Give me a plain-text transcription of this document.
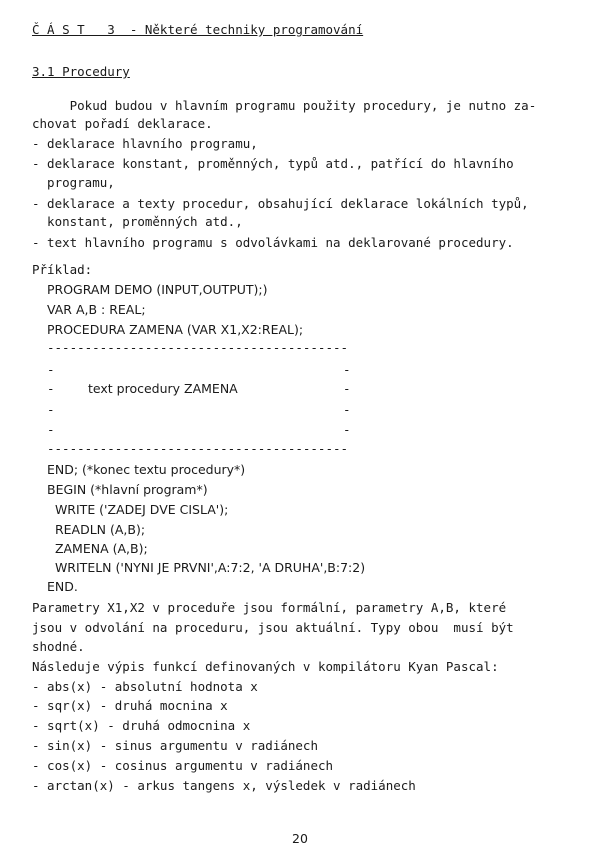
Č Á S T   3  - Některé techniky programování
3.1 Procedury
Pokud budou v hlavním programu použity procedury, je nutno za-
chovat pořadí deklarace.
- deklarace hlavního programu,
- deklarace konstant, proměnných, typů atd., patřící do hlavního
programu,
- deklarace a texty procedur, obsahující deklarace lokálních typů,
konstant, proměnných atd.,
- text hlavního programu s odvolávkami na deklarované procedury.
Příklad:
PROGRAM DEMO (INPUT,OUTPUT);)
VAR A,B : REAL;
PROCEDURA ZAMENA (VAR X1,X2:REAL);
----------------------------------------
-	-
-	text procedury ZAMENA	-
-	-
-	-
----------------------------------------
END; (*konec textu procedury*)
BEGIN (*hlavní program*)
WRITE ('ZADEJ DVE CISLA');
READLN (A,B);
ZAMENA (A,B);
WRITELN ('NYNI JE PRVNI',A:7:2, 'A DRUHA',B:7:2)
END.
Parametry X1,X2 v proceduře jsou formální, parametry A,B, které
jsou v odvolání na proceduru, jsou aktuální. Typy obou  musí být
shodné.
Následuje výpis funkcí definovaných v kompilátoru Kyan Pascal:
- abs(x) - absolutní hodnota x
- sqr(x) - druhá mocnina x
- sqrt(x) - druhá odmocnina x
- sin(x) - sinus argumentu v radiánech
- cos(x) - cosinus argumentu v radiánech
- arctan(x) - arkus tangens x, výsledek v radiánech
20
